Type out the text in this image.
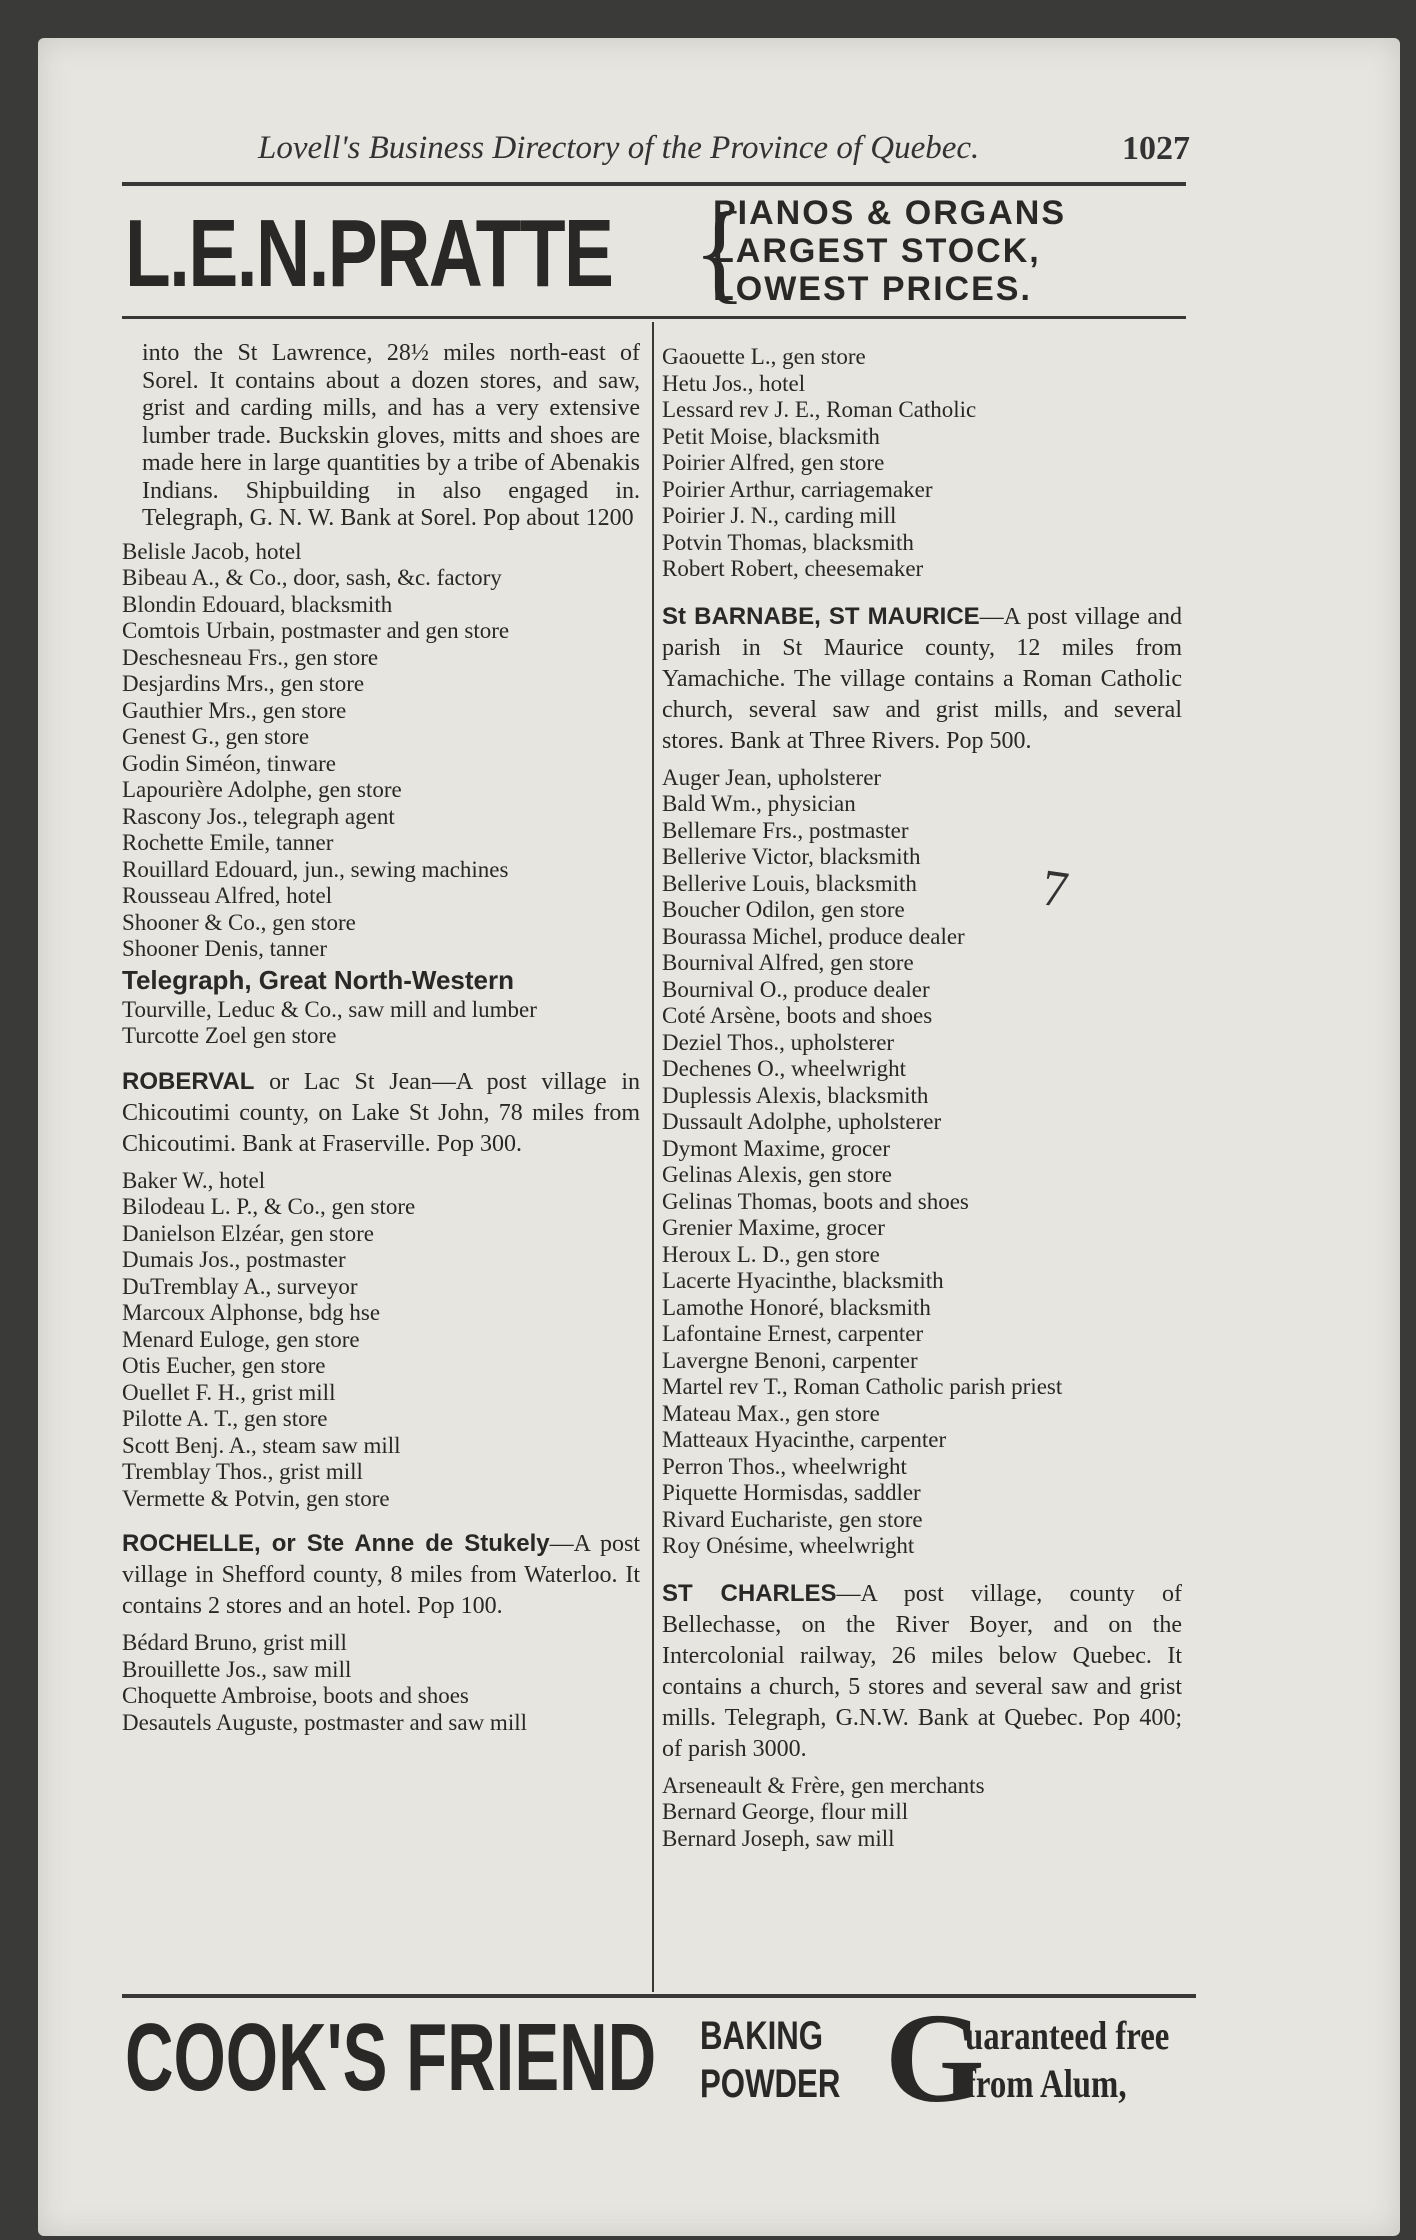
Lovell's Business Directory of the Province of Quebec.	1027
L.E.N.PRATTE {
PIANOS & ORGANS
LARGEST STOCK,
LOWEST PRICES.

into the St Lawrence, 28½ miles north-east of Sorel. It contains about a dozen stores, and saw, grist and carding mills, and has a very extensive lumber trade. Buckskin gloves, mitts and shoes are made here in large quantities by a tribe of Abenakis Indians. Shipbuilding in also engaged in. Telegraph, G. N. W. Bank at Sorel. Pop about 1200

Belisle Jacob, hotel
Bibeau A., & Co., door, sash, &c. factory
Blondin Edouard, blacksmith
Comtois Urbain, postmaster and gen store
Deschesneau Frs., gen store
Desjardins Mrs., gen store
Gauthier Mrs., gen store
Genest G., gen store
Godin Siméon, tinware
Lapourière Adolphe, gen store
Rascony Jos., telegraph agent
Rochette Emile, tanner
Rouillard Edouard, jun., sewing machines
Rousseau Alfred, hotel
Shooner & Co., gen store
Shooner Denis, tanner
Telegraph, Great North-Western
Tourville, Leduc & Co., saw mill and lumber
Turcotte Zoel gen store
ROBERVAL or Lac St Jean—A post village in Chicoutimi county, on Lake St John, 78 miles from Chicoutimi. Bank at Fraserville. Pop 300.
Baker W., hotel
Bilodeau L. P., & Co., gen store
Danielson Elzéar, gen store
Dumais Jos., postmaster
DuTremblay A., surveyor
Marcoux Alphonse, bdg hse
Menard Euloge, gen store
Otis Eucher, gen store
Ouellet F. H., grist mill
Pilotte A. T., gen store
Scott Benj. A., steam saw mill
Tremblay Thos., grist mill
Vermette & Potvin, gen store
ROCHELLE, or Ste Anne de Stukely—A post village in Shefford county, 8 miles from Waterloo. It contains 2 stores and an hotel. Pop 100.
Bédard Bruno, grist mill
Brouillette Jos., saw mill
Choquette Ambroise, boots and shoes
Desautels Auguste, postmaster and saw mill
Gaouette L., gen store
Hetu Jos., hotel
Lessard rev J. E., Roman Catholic
Petit Moise, blacksmith
Poirier Alfred, gen store
Poirier Arthur, carriagemaker
Poirier J. N., carding mill
Potvin Thomas, blacksmith
Robert Robert, cheesemaker
St BARNABE, ST MAURICE—A post village and parish in St Maurice county, 12 miles from Yamachiche. The village contains a Roman Catholic church, several saw and grist mills, and several stores. Bank at Three Rivers. Pop 500.
Auger Jean, upholsterer
Bald Wm., physician
Bellemare Frs., postmaster
Bellerive Victor, blacksmith
Bellerive Louis, blacksmith
Boucher Odilon, gen store
Bourassa Michel, produce dealer
Bournival Alfred, gen store
Bournival O., produce dealer
Coté Arsène, boots and shoes
Deziel Thos., upholsterer
Dechenes O., wheelwright
Duplessis Alexis, blacksmith
Dussault Adolphe, upholsterer
Dymont Maxime, grocer
Gelinas Alexis, gen store
Gelinas Thomas, boots and shoes
Grenier Maxime, grocer
Heroux L. D., gen store
Lacerte Hyacinthe, blacksmith
Lamothe Honoré, blacksmith
Lafontaine Ernest, carpenter
Lavergne Benoni, carpenter
Martel rev T., Roman Catholic parish priest
Mateau Max., gen store
Matteaux Hyacinthe, carpenter
Perron Thos., wheelwright
Piquette Hormisdas, saddler
Rivard Euchariste, gen store
Roy Onésime, wheelwright
ST CHARLES—A post village, county of Bellechasse, on the River Boyer, and on the Intercolonial railway, 26 miles below Quebec. It contains a church, 5 stores and several saw and grist mills. Telegraph, G.N.W. Bank at Quebec. Pop 400; of parish 3000.
Arseneault & Frère, gen merchants
Bernard George, flour mill
Bernard Joseph, saw mill
7
COOK'S FRIEND BAKING
POWDER G
uaranteed free
from Alum,
